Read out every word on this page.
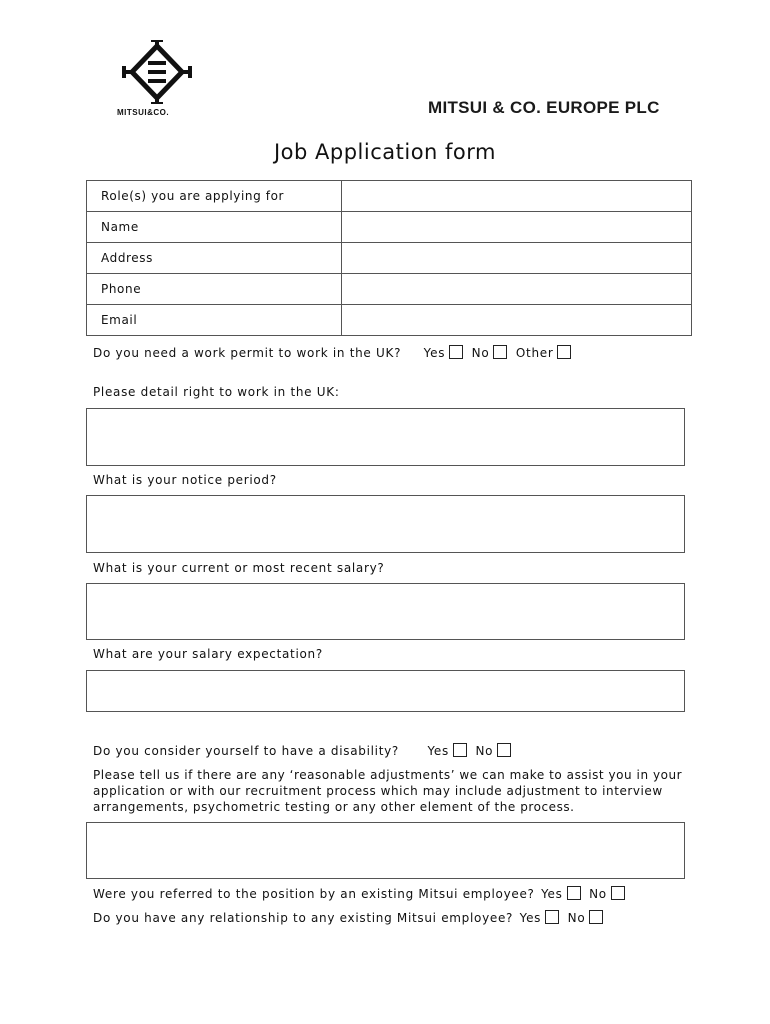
MITSUI&CO.	MITSUI & CO. EUROPE PLC
Job Application form
Role(s) you are applying for	
Name	
Address	
Phone	
Email	
Do you need a work permit to work in the UK? Yes No Other
Please detail right to work in the UK:
What is your notice period?
What is your current or most recent salary?
What are your salary expectation?
Do you consider yourself to have a disability? Yes No
Please tell us if there are any ‘reasonable adjustments’ we can make to assist you in your application or with our recruitment process which may include adjustment to interview arrangements, psychometric testing or any other element of the process.
Were you referred to the position by an existing Mitsui employee? Yes No
Do you have any relationship to any existing Mitsui employee? Yes No
